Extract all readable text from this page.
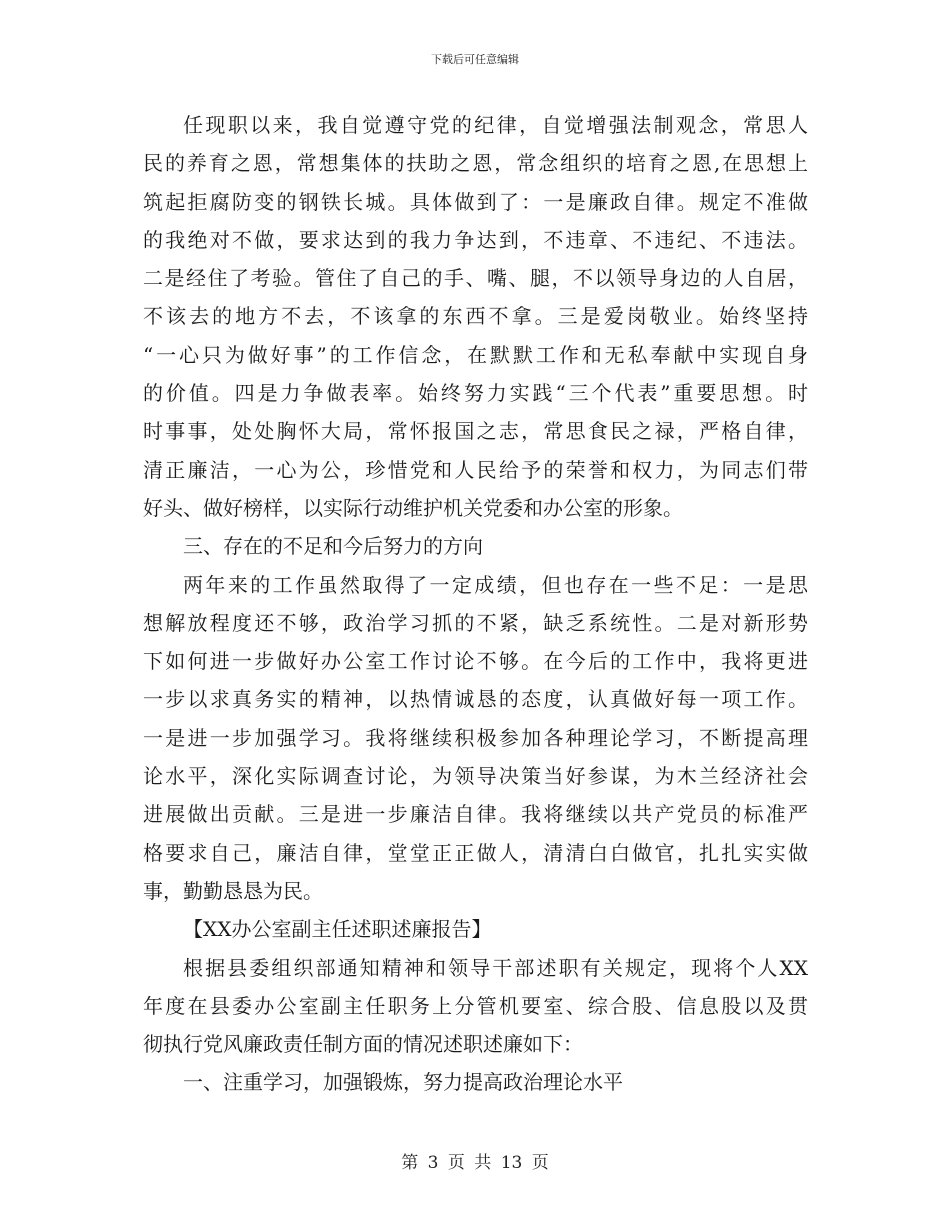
下载后可任意编辑
任现职以来，我自觉遵守党的纪律，自觉增强法制观念，常思人
民的养育之恩，常想集体的扶助之恩，常念组织的培育之恩,在思想上
筑起拒腐防变的钢铁长城。具体做到了：一是廉政自律。规定不准做
的我绝对不做，要求达到的我力争达到，不违章、不违纪、不违法。
二是经住了考验。管住了自己的手、嘴、腿，不以领导身边的人自居，
不该去的地方不去，不该拿的东西不拿。三是爱岗敬业。始终坚持
“一心只为做好事”的工作信念，在默默工作和无私奉献中实现自身
的价值。四是力争做表率。始终努力实践“三个代表”重要思想。时
时事事，处处胸怀大局，常怀报国之志，常思食民之禄，严格自律，
清正廉洁，一心为公，珍惜党和人民给予的荣誉和权力，为同志们带
好头、做好榜样，以实际行动维护机关党委和办公室的形象。
三、存在的不足和今后努力的方向
两年来的工作虽然取得了一定成绩，但也存在一些不足：一是思
想解放程度还不够，政治学习抓的不紧，缺乏系统性。二是对新形势
下如何进一步做好办公室工作讨论不够。在今后的工作中，我将更进
一步以求真务实的精神，以热情诚恳的态度，认真做好每一项工作。
一是进一步加强学习。我将继续积极参加各种理论学习，不断提高理
论水平，深化实际调查讨论，为领导决策当好参谋，为木兰经济社会
进展做出贡献。三是进一步廉洁自律。我将继续以共产党员的标准严
格要求自己，廉洁自律，堂堂正正做人，清清白白做官，扎扎实实做
事，勤勤恳恳为民。
【XX办公室副主任述职述廉报告】
根据县委组织部通知精神和领导干部述职有关规定，现将个人XX
年度在县委办公室副主任职务上分管机要室、综合股、信息股以及贯
彻执行党风廉政责任制方面的情况述职述廉如下：
一、注重学习，加强锻炼，努力提高政治理论水平
第 3 页 共 13 页
